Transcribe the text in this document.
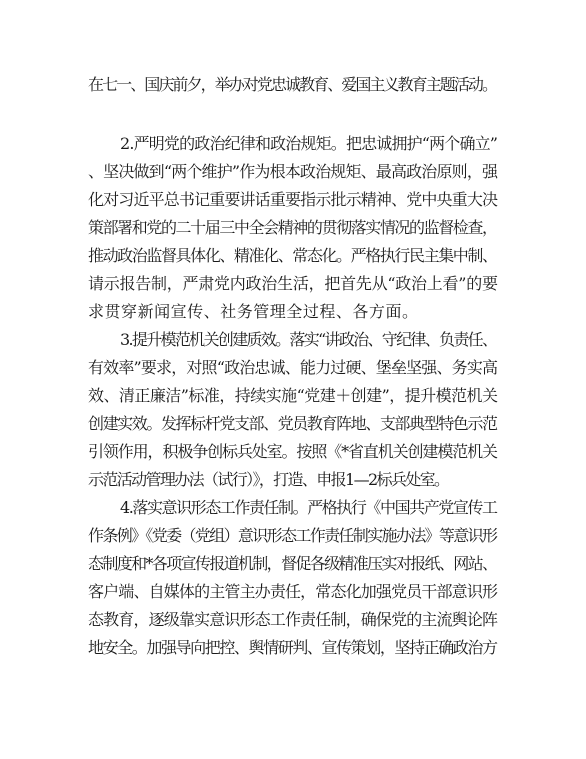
在七一、国庆前夕，举办对党忠诚教育、爱国主义教育主题活动。
2.严明党的政治纪律和政治规矩。把忠诚拥护“两个确立”
、坚决做到“两个维护”作为根本政治规矩、最高政治原则，强
化对习近平总书记重要讲话重要指示批示精神、党中央重大决
策部署和党的二十届三中全会精神的贯彻落实情况的监督检查，
推动政治监督具体化、精准化、常态化。严格执行民主集中制、
请示报告制，严肃党内政治生活，把首先从“政治上看”的要
求贯穿新闻宣传、社务管理全过程、各方面。
3.提升模范机关创建质效。落实“讲政治、守纪律、负责任、
有效率”要求，对照“政治忠诚、能力过硬、堡垒坚强、务实高
效、清正廉洁”标准，持续实施“党建＋创建”，提升模范机关
创建实效。发挥标杆党支部、党员教育阵地、支部典型特色示范
引领作用，积极争创标兵处室。按照《*省直机关创建模范机关
示范活动管理办法（试行）》，打造、申报1—2标兵处室。
4.落实意识形态工作责任制。严格执行《中国共产党宣传工
作条例》《党委（党组）意识形态工作责任制实施办法》等意识形
态制度和*各项宣传报道机制，督促各级精准压实对报纸、网站、
客户端、自媒体的主管主办责任，常态化加强党员干部意识形
态教育，逐级靠实意识形态工作责任制，确保党的主流舆论阵
地安全。加强导向把控、舆情研判、宣传策划，坚持正确政治方
